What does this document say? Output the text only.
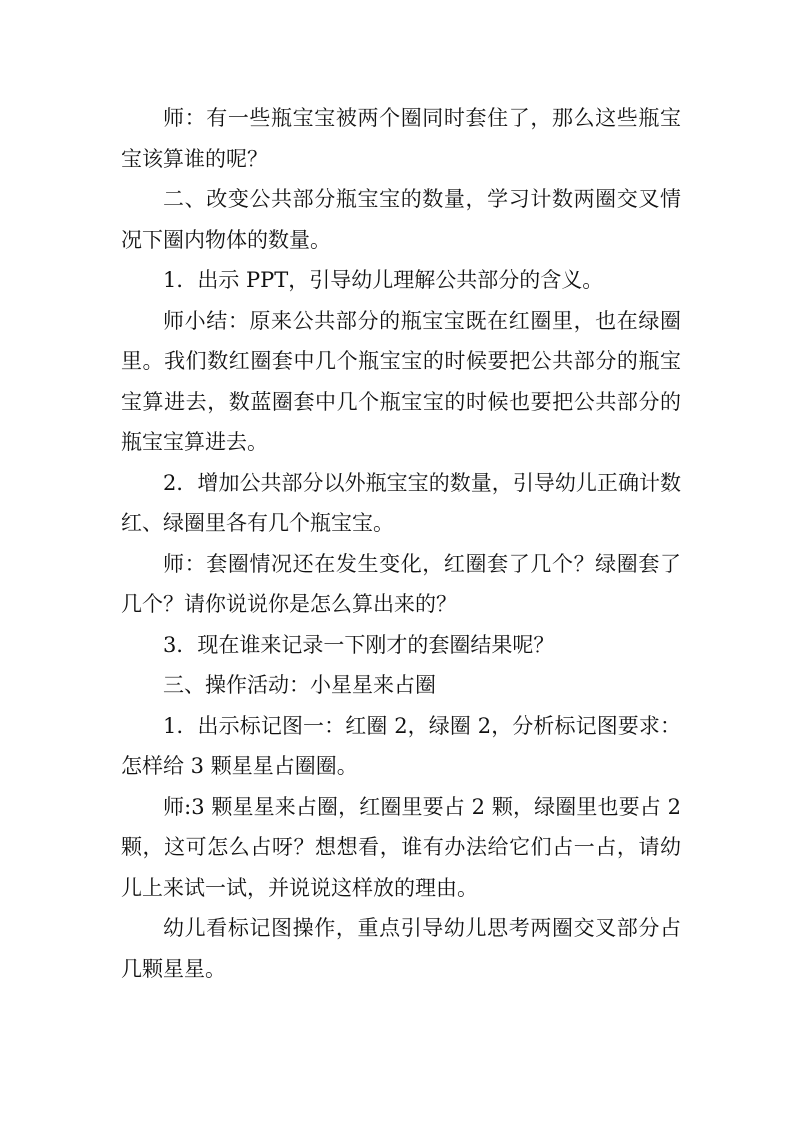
师：有一些瓶宝宝被两个圈同时套住了，那么这些瓶宝宝该算谁的呢？

二、改变公共部分瓶宝宝的数量，学习计数两圈交叉情况下圈内物体的数量。

1．出示 PPT，引导幼儿理解公共部分的含义。

师小结：原来公共部分的瓶宝宝既在红圈里，也在绿圈里。我们数红圈套中几个瓶宝宝的时候要把公共部分的瓶宝宝算进去，数蓝圈套中几个瓶宝宝的时候也要把公共部分的瓶宝宝算进去。

2．增加公共部分以外瓶宝宝的数量，引导幼儿正确计数红、绿圈里各有几个瓶宝宝。

师：套圈情况还在发生变化，红圈套了几个？绿圈套了几个？请你说说你是怎么算出来的？

3．现在谁来记录一下刚才的套圈结果呢？

三、操作活动：小星星来占圈

1．出示标记图一：红圈 2，绿圈 2，分析标记图要求：怎样给 3 颗星星占圈圈。

师:3 颗星星来占圈，红圈里要占 2 颗，绿圈里也要占 2 颗，这可怎么占呀？想想看，谁有办法给它们占一占，请幼儿上来试一试，并说说这样放的理由。

幼儿看标记图操作，重点引导幼儿思考两圈交叉部分占几颗星星。
